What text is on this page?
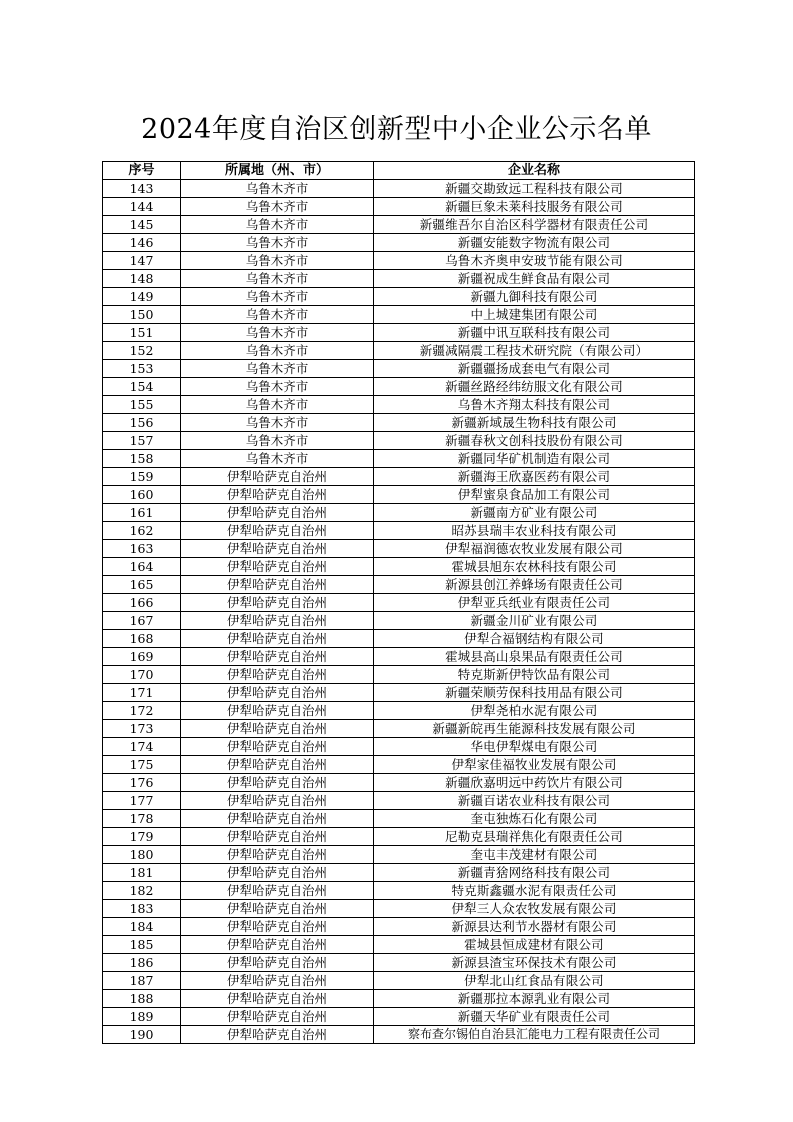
2024年度自治区创新型中小企业公示名单
序号	所属地（州、市）	企业名称
143	乌鲁木齐市	新疆交勘致远工程科技有限公司
144	乌鲁木齐市	新疆巨象未莱科技服务有限公司
145	乌鲁木齐市	新疆维吾尔自治区科学器材有限责任公司
146	乌鲁木齐市	新疆安能数字物流有限公司
147	乌鲁木齐市	乌鲁木齐奥申安玻节能有限公司
148	乌鲁木齐市	新疆祝成生鲜食品有限公司
149	乌鲁木齐市	新疆九御科技有限公司
150	乌鲁木齐市	中上城建集团有限公司
151	乌鲁木齐市	新疆中讯互联科技有限公司
152	乌鲁木齐市	新疆减隔震工程技术研究院（有限公司）
153	乌鲁木齐市	新疆疆扬成套电气有限公司
154	乌鲁木齐市	新疆丝路经纬纺服文化有限公司
155	乌鲁木齐市	乌鲁木齐翔太科技有限公司
156	乌鲁木齐市	新疆新域晟生物科技有限公司
157	乌鲁木齐市	新疆春秋文创科技股份有限公司
158	乌鲁木齐市	新疆同华矿机制造有限公司
159	伊犁哈萨克自治州	新疆海王欣嘉医药有限公司
160	伊犁哈萨克自治州	伊犁蜜泉食品加工有限公司
161	伊犁哈萨克自治州	新疆南方矿业有限公司
162	伊犁哈萨克自治州	昭苏县瑞丰农业科技有限公司
163	伊犁哈萨克自治州	伊犁福润德农牧业发展有限公司
164	伊犁哈萨克自治州	霍城县旭东农林科技有限公司
165	伊犁哈萨克自治州	新源县创江养蜂场有限责任公司
166	伊犁哈萨克自治州	伊犁亚兵纸业有限责任公司
167	伊犁哈萨克自治州	新疆金川矿业有限公司
168	伊犁哈萨克自治州	伊犁合福钢结构有限公司
169	伊犁哈萨克自治州	霍城县高山泉果品有限责任公司
170	伊犁哈萨克自治州	特克斯新伊特饮品有限公司
171	伊犁哈萨克自治州	新疆荣顺劳保科技用品有限公司
172	伊犁哈萨克自治州	伊犁尧柏水泥有限公司
173	伊犁哈萨克自治州	新疆新皖再生能源科技发展有限公司
174	伊犁哈萨克自治州	华电伊犁煤电有限公司
175	伊犁哈萨克自治州	伊犁家佳福牧业发展有限公司
176	伊犁哈萨克自治州	新疆欣嘉明远中药饮片有限公司
177	伊犁哈萨克自治州	新疆百诺农业科技有限公司
178	伊犁哈萨克自治州	奎屯独炼石化有限公司
179	伊犁哈萨克自治州	尼勒克县瑞祥焦化有限责任公司
180	伊犁哈萨克自治州	奎屯丰茂建材有限公司
181	伊犁哈萨克自治州	新疆青猞网络科技有限公司
182	伊犁哈萨克自治州	特克斯鑫疆水泥有限责任公司
183	伊犁哈萨克自治州	伊犁三人众农牧发展有限公司
184	伊犁哈萨克自治州	新源县达利节水器材有限公司
185	伊犁哈萨克自治州	霍城县恒成建材有限公司
186	伊犁哈萨克自治州	新源县渣宝环保技术有限公司
187	伊犁哈萨克自治州	伊犁北山红食品有限公司
188	伊犁哈萨克自治州	新疆那拉本源乳业有限公司
189	伊犁哈萨克自治州	新疆天华矿业有限责任公司
190	伊犁哈萨克自治州	察布查尔锡伯自治县汇能电力工程有限责任公司
